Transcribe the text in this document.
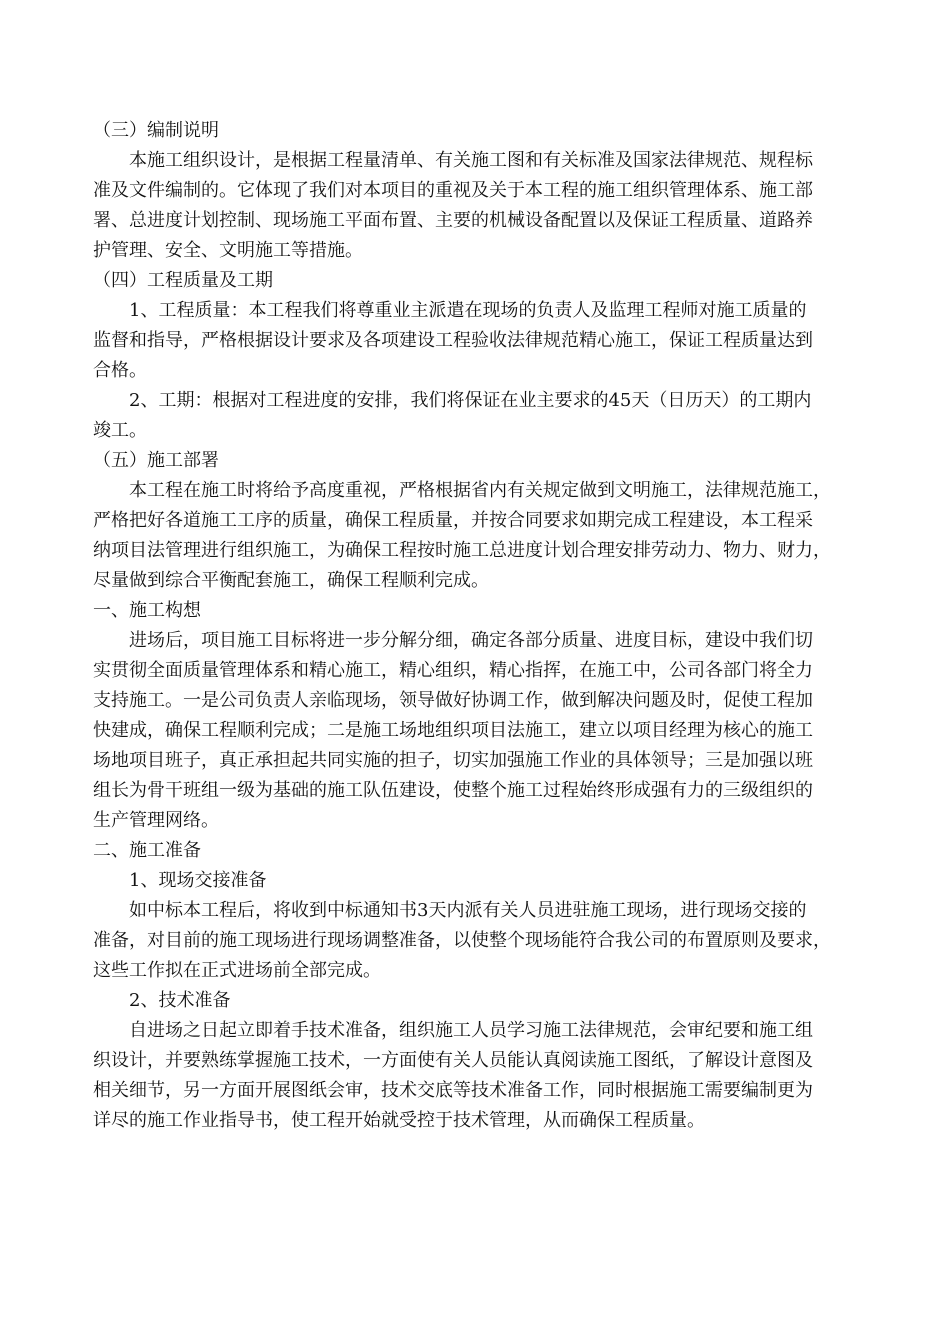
（三）编制说明
本施工组织设计，是根据工程量清单、有关施工图和有关标准及国家法律规范、规程标
准及文件编制的。它体现了我们对本项目的重视及关于本工程的施工组织管理体系、施工部
署、总进度计划控制、现场施工平面布置、主要的机械设备配置以及保证工程质量、道路养
护管理、安全、文明施工等措施。
（四）工程质量及工期
1、工程质量：本工程我们将尊重业主派遣在现场的负责人及监理工程师对施工质量的
监督和指导，严格根据设计要求及各项建设工程验收法律规范精心施工，保证工程质量达到
合格。
2、工期：根据对工程进度的安排，我们将保证在业主要求的45天（日历天）的工期内
竣工。
（五）施工部署
本工程在施工时将给予高度重视，严格根据省内有关规定做到文明施工，法律规范施工，
严格把好各道施工工序的质量，确保工程质量，并按合同要求如期完成工程建设，本工程采
纳项目法管理进行组织施工，为确保工程按时施工总进度计划合理安排劳动力、物力、财力，
尽量做到综合平衡配套施工，确保工程顺利完成。
一、施工构想
进场后，项目施工目标将进一步分解分细，确定各部分质量、进度目标，建设中我们切
实贯彻全面质量管理体系和精心施工，精心组织，精心指挥，在施工中，公司各部门将全力
支持施工。一是公司负责人亲临现场，领导做好协调工作，做到解决问题及时，促使工程加
快建成，确保工程顺利完成；二是施工场地组织项目法施工，建立以项目经理为核心的施工
场地项目班子，真正承担起共同实施的担子，切实加强施工作业的具体领导；三是加强以班
组长为骨干班组一级为基础的施工队伍建设，使整个施工过程始终形成强有力的三级组织的
生产管理网络。
二、施工准备
1、现场交接准备
如中标本工程后，将收到中标通知书3天内派有关人员进驻施工现场，进行现场交接的
准备，对目前的施工现场进行现场调整准备，以使整个现场能符合我公司的布置原则及要求，
这些工作拟在正式进场前全部完成。
2、技术准备
自进场之日起立即着手技术准备，组织施工人员学习施工法律规范，会审纪要和施工组
织设计，并要熟练掌握施工技术，一方面使有关人员能认真阅读施工图纸，了解设计意图及
相关细节，另一方面开展图纸会审，技术交底等技术准备工作，同时根据施工需要编制更为
详尽的施工作业指导书，使工程开始就受控于技术管理，从而确保工程质量。
